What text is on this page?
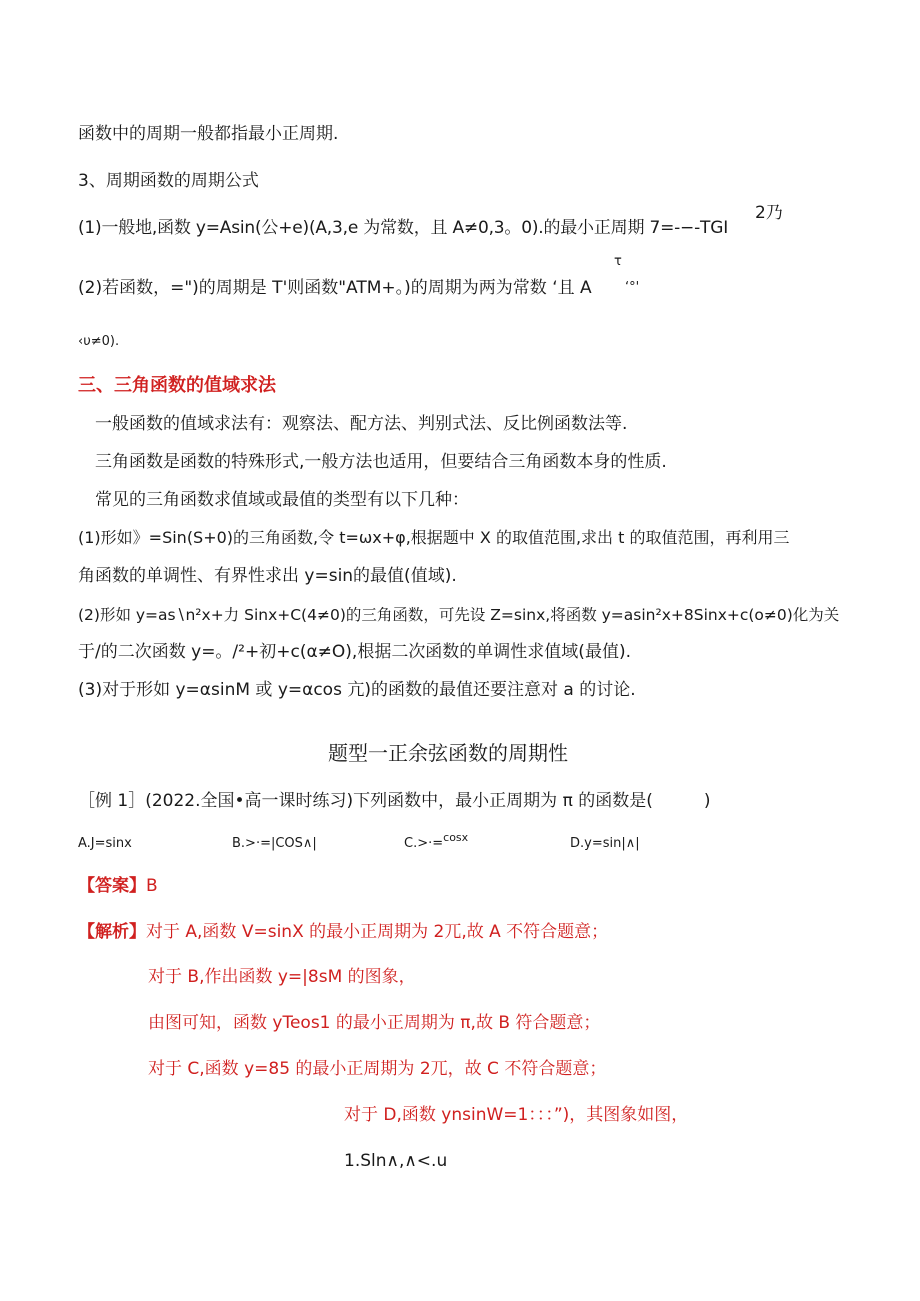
函数中的周期一般都指最小正周期.
3、周期函数的周期公式
(1)一般地,函数 y=Asin(公+e)(A,3,e 为常数，且 A≠0,3。0).的最小正周期 7=-−-TGI
2乃
τ
(2)若函数，=")的周期是 T'则函数"ATM+。)的周期为两为常数 ‘且 A	‘°'
‹υ≠0).
三、三角函数的值域求法
一般函数的值域求法有：观察法、配方法、判别式法、反比例函数法等.
三角函数是函数的特殊形式,一般方法也适用，但要结合三角函数本身的性质.
常见的三角函数求值域或最值的类型有以下几种：
(1)形如》=Sin(S+0)的三角函数,令 t=ωx+φ,根据题中 X 的取值范围,求出 t 的取值范围，再利用三
角函数的单调性、有界性求出 y=sin的最值(值域).
(2)形如 y=as∖n²x+力 Sinx+C(4≠0)的三角函数，可先设 Z=sinx,将函数 y=asin²x+8Sinx+c(o≠0)化为关
于/的二次函数 y=。/²+初+c(α≠O),根据二次函数的单调性求值域(最值).
(3)对于形如 y=αsinM 或 y=αcos 亢)的函数的最值还要注意对 a 的讨论.
题型一正余弦函数的周期性
［例 1］(2022.全国•高一课时练习)下列函数中，最小正周期为 π 的函数是(　　　)
A.J=sinx	B.>·=|COS∧|	C.>·=$^{cosx}$	D.y=sin|∧|
【答案】B
【解析】对于 A,函数 V=sinX 的最小正周期为 2兀,故 A 不符合题意；
对于 B,作出函数 y=|8sM 的图象，
由图可知，函数 yTeos1 的最小正周期为 π,故 B 符合题意；
对于 C,函数 y=85 的最小正周期为 2兀，故 C 不符合题意；
对于 D,函数 ynsinW=1：：：”)，其图象如图，
1.Sln∧,∧<.u
